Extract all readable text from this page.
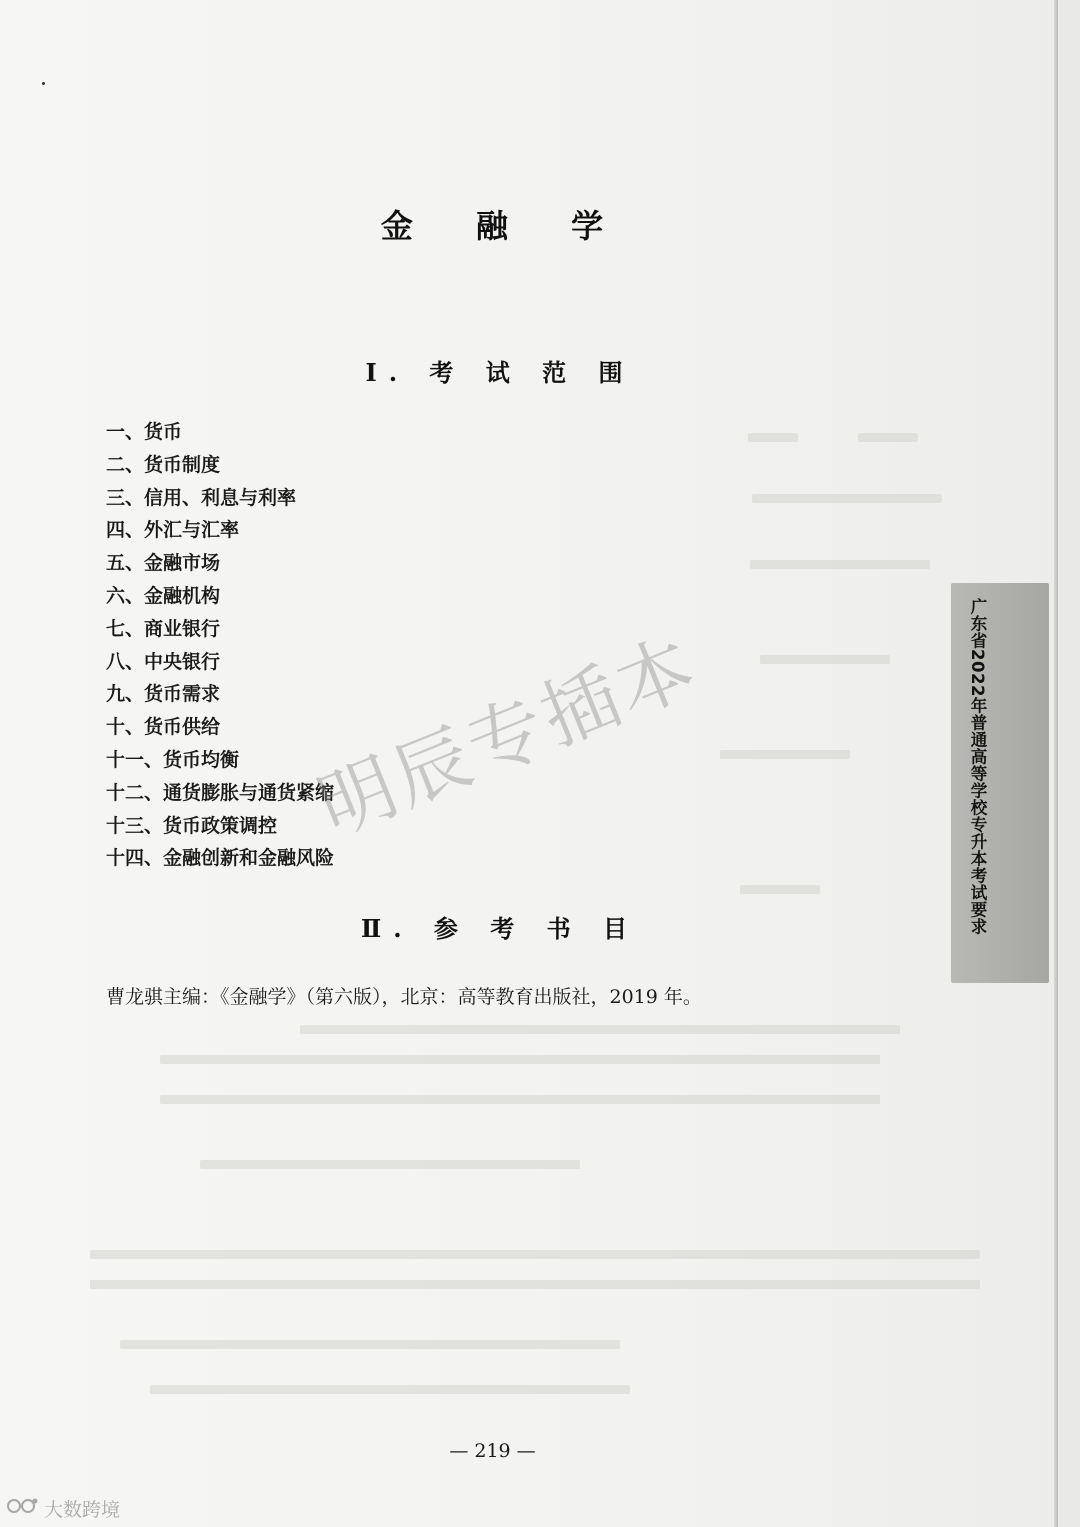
金 融 学
Ⅰ. 考 试 范 围
一、货币
二、货币制度
三、信用、利息与利率
四、外汇与汇率
五、金融市场
六、金融机构
七、商业银行
八、中央银行
九、货币需求
十、货币供给
十一、货币均衡
十二、通货膨胀与通货紧缩
十三、货币政策调控
十四、金融创新和金融风险
Ⅱ. 参 考 书 目
曹龙骐主编：《金融学》（第六版），北京：高等教育出版社，2019 年。
广东省2022年普通高等学校专升本考试要求
明辰专插本
— 219 —
大数跨境
